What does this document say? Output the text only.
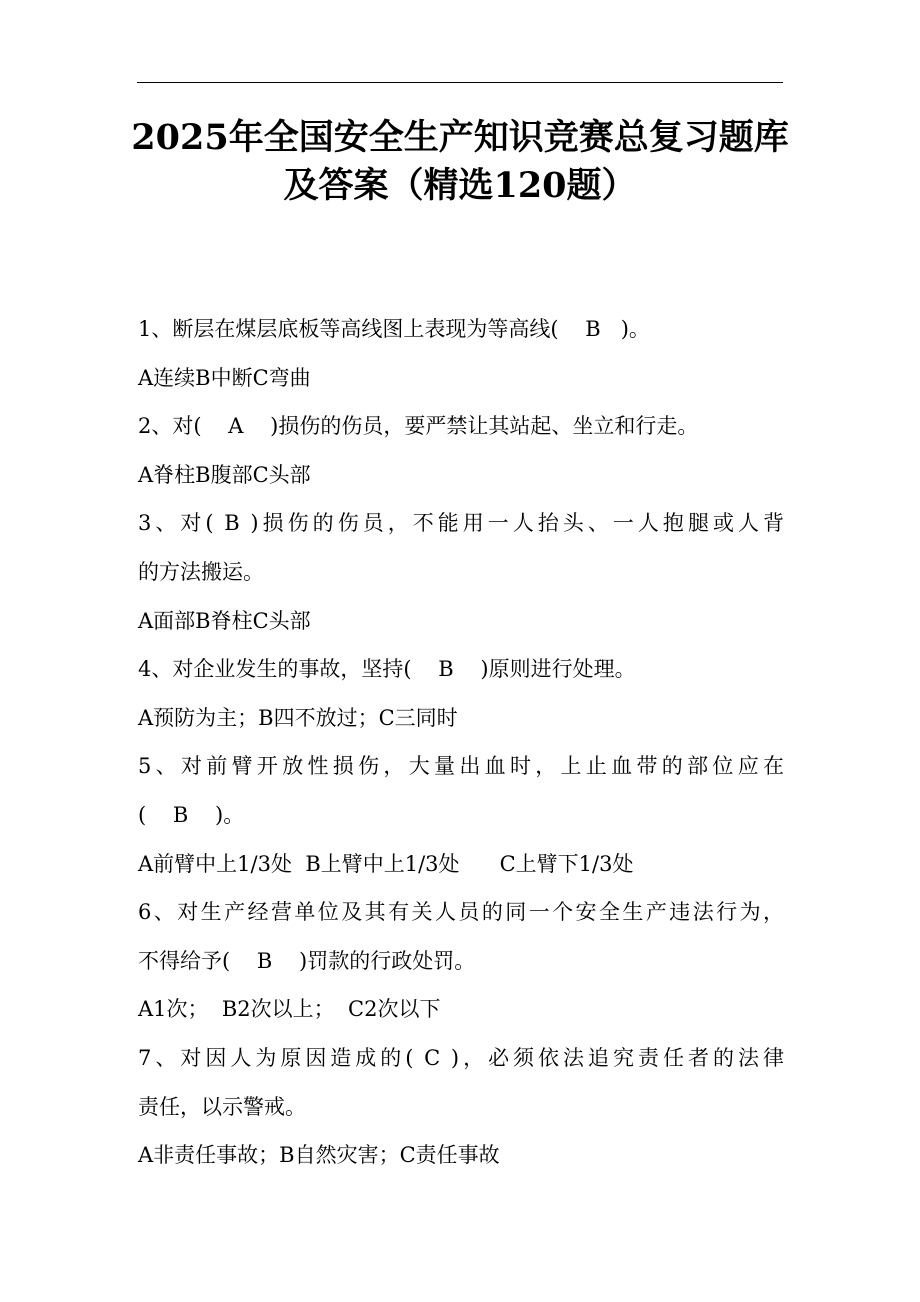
2025年全国安全生产知识竞赛总复习题库
及答案（精选120题）
1、断层在煤层底板等高线图上表现为等高线(    B   )。
A连续B中断C弯曲
2、对(    A    )损伤的伤员，要严禁让其站起、坐立和行走。
A脊柱B腹部C头部
3、对( B )损伤的伤员，不能用一人抬头、一人抱腿或人背
的方法搬运。
A面部B脊柱C头部
4、对企业发生的事故，坚持(    B    )原则进行处理。
A预防为主；B四不放过；C三同时
5、对前臂开放性损伤，大量出血时，上止血带的部位应在
(    B    )。
A前臂中上1/3处  B上臂中上1/3处      C上臂下1/3处
6、对生产经营单位及其有关人员的同一个安全生产违法行为，
不得给予(    B    )罚款的行政处罚。
A1次；  B2次以上；  C2次以下
7、对因人为原因造成的( C )，必须依法追究责任者的法律
责任，以示警戒。
A非责任事故；B自然灾害；C责任事故
